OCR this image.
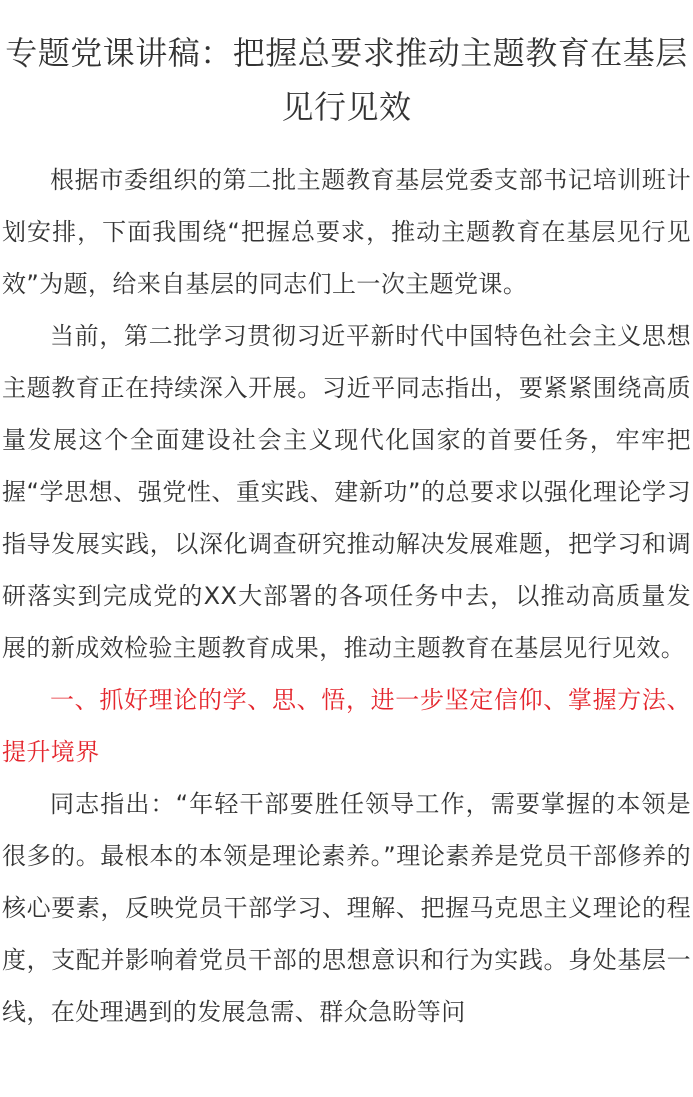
专题党课讲稿：把握总要求推动主题教育在基层见行见效

根据市委组织的第二批主题教育基层党委支部书记培训班计划安排，下面我围绕“把握总要求，推动主题教育在基层见行见效”为题，给来自基层的同志们上一次主题党课。

当前，第二批学习贯彻习近平新时代中国特色社会主义思想主题教育正在持续深入开展。习近平同志指出，要紧紧围绕高质量发展这个全面建设社会主义现代化国家的首要任务，牢牢把握“学思想、强党性、重实践、建新功”的总要求以强化理论学习指导发展实践，以深化调查研究推动解决发展难题，把学习和调研落实到完成党的XX大部署的各项任务中去，以推动高质量发展的新成效检验主题教育成果，推动主题教育在基层见行见效。

一、抓好理论的学、思、悟，进一步坚定信仰、掌握方法、提升境界

同志指出：“年轻干部要胜任领导工作，需要掌握的本领是很多的。最根本的本领是理论素养。”理论素养是党员干部修养的核心要素，反映党员干部学习、理解、把握马克思主义理论的程度，支配并影响着党员干部的思想意识和行为实践。身处基层一线，在处理遇到的发展急需、群众急盼等问
